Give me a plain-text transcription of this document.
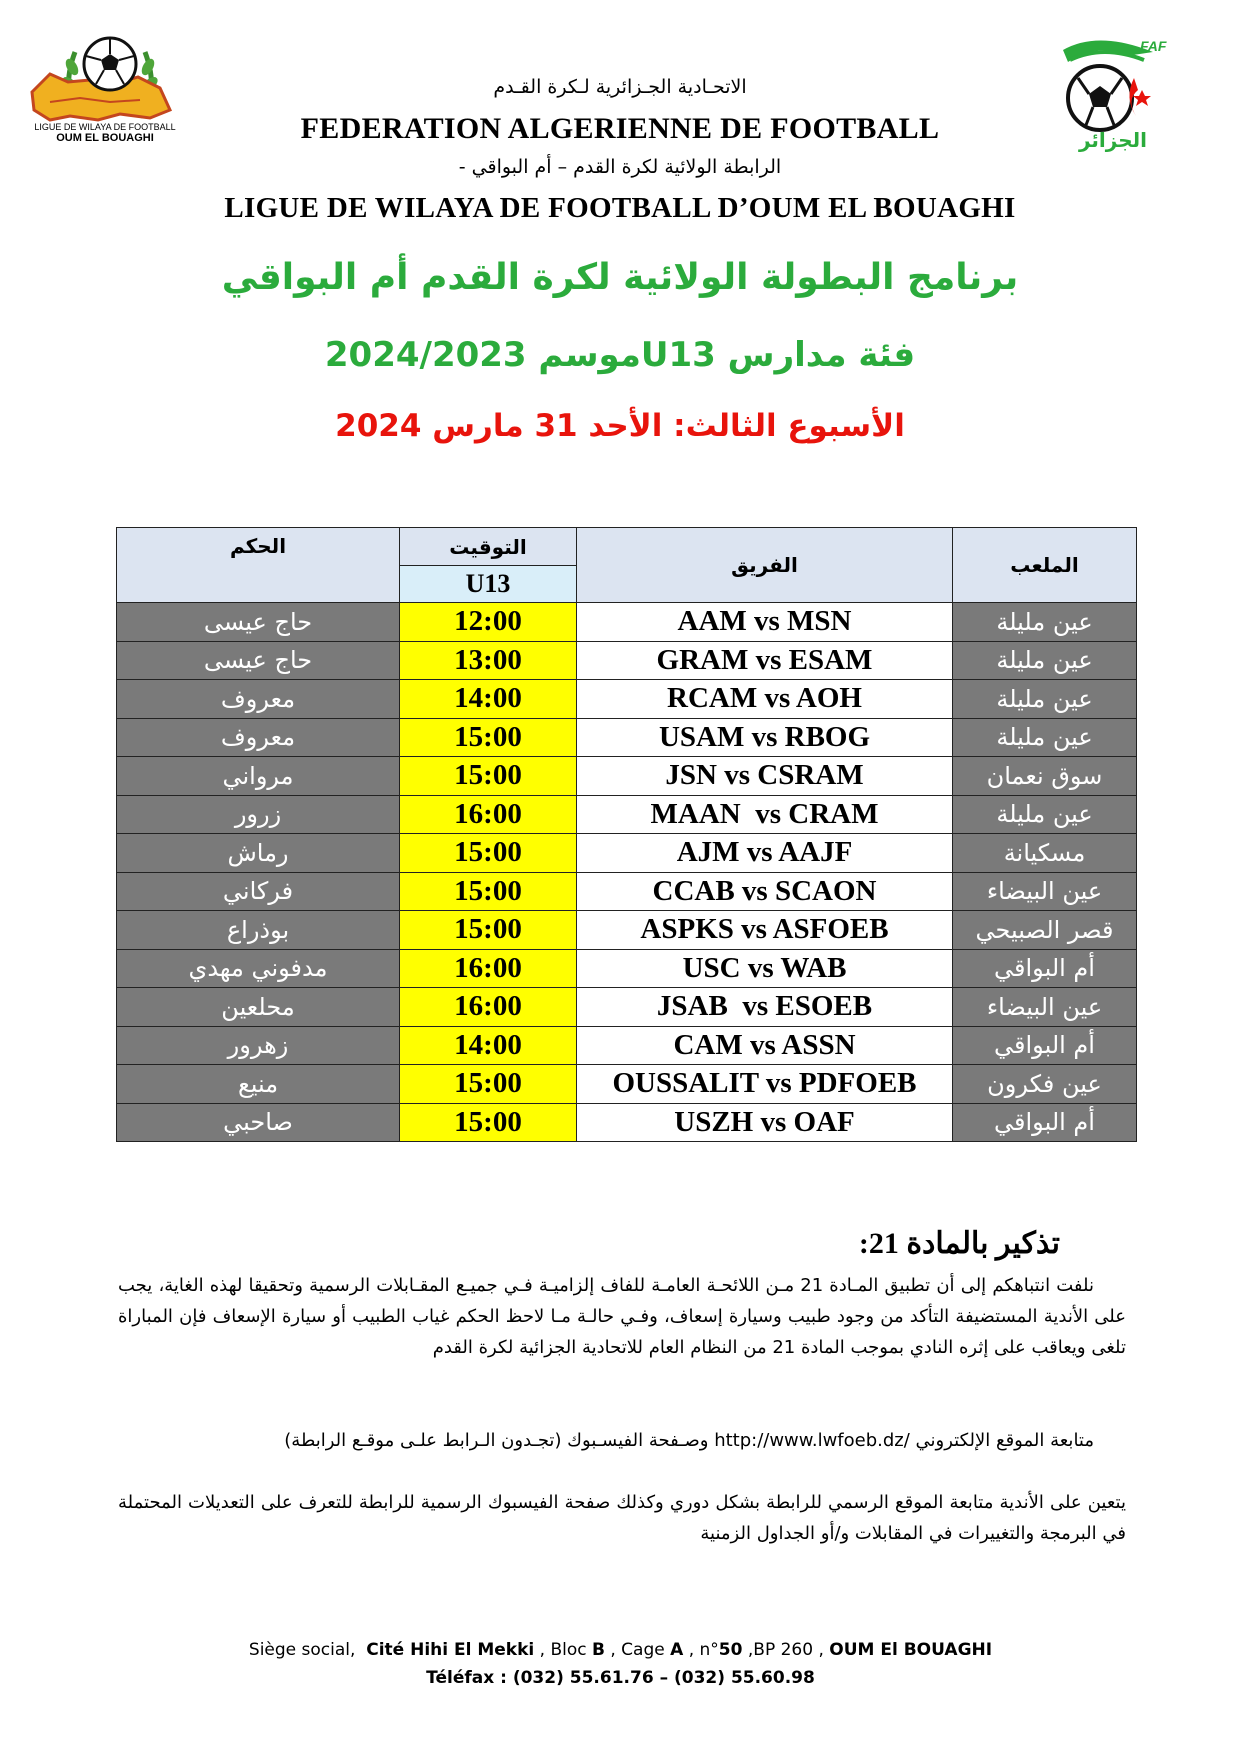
LIGUE DE WILAYA DE FOOTBALL
OUM EL BOUAGHI
FAF
الجزائر
الاتحـادية الجـزائرية لـكرة القـدم
FEDERATION ALGERIENNE DE FOOTBALL
الرابطة الولائية لكرة القدم – أم البواقي -
LIGUE DE WILAYA DE FOOTBALL D’OUM EL BOUAGHI
برنامج البطولة الولائية لكرة القدم أم البواقي
فئة مدارس U13موسم 2024/2023
الأسبوع الثالث: الأحد 31 مارس 2024
الحكم	التوقيت	الفريق	الملعب
	U13		
حاج عيسى	12:00	AAM vs MSN	عين مليلة
حاج عيسى	13:00	GRAM vs ESAM	عين مليلة
معروف	14:00	RCAM vs AOH	عين مليلة
معروف	15:00	USAM vs RBOG	عين مليلة
مرواني	15:00	JSN vs CSRAM	سوق نعمان
زرور	16:00	MAAN  vs CRAM	عين مليلة
رماش	15:00	AJM vs AAJF	مسكيانة
فركاني	15:00	CCAB vs SCAON	عين البيضاء
بوذراع	15:00	ASPKS vs ASFOEB	قصر الصبيحي
مدفوني مهدي	16:00	USC vs WAB	أم البواقي
محلعين	16:00	JSAB  vs ESOEB	عين البيضاء
زهرور	14:00	CAM vs ASSN	أم البواقي
منيع	15:00	OUSSALIT vs PDFOEB	عين فكرون
صاحبي	15:00	USZH vs OAF	أم البواقي
تذكير بالمادة 21:
نلفت انتباهكم إلى أن تطبيق المـادة 21 مـن اللائحـة العامـة للفاف إلزاميـة فـي جميـع المقـابلات الرسمية وتحقيقا لهذه الغاية، يجب على الأندية المستضيفة التأكد من وجود طبيب وسيارة إسعاف، وفـي حالـة مـا لاحظ الحكم غياب الطبيب أو سيارة الإسعاف فإن المباراة تلغى ويعاقب على إثره النادي بموجب المادة 21 من النظام العام للاتحادية الجزائية لكرة القدم
متابعة الموقع الإلكتروني /http://www.lwfoeb.dz وصـفحة الفيسـبوك (تجـدون الـرابط علـى موقـع الرابطة)
يتعين على الأندية متابعة الموقع الرسمي للرابطة بشكل دوري وكذلك صفحة الفيسبوك الرسمية للرابطة للتعرف على التعديلات المحتملة في البرمجة والتغييرات في المقابلات و/أو الجداول الزمنية
Siège social,  Cité Hihi El Mekki , Bloc B , Cage A , n°50 ,BP 260 , OUM El BOUAGHI
Téléfax : (032) 55.61.76 – (032) 55.60.98
